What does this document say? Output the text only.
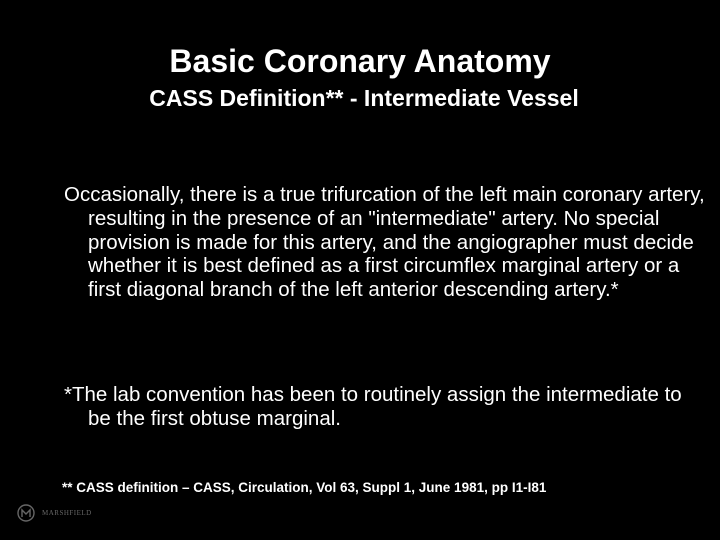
Basic Coronary Anatomy
CASS Definition** - Intermediate Vessel

Occasionally, there is a true trifurcation of the left main coronary artery, resulting in the presence of an "intermediate" artery. No special provision is made for this artery, and the angiographer must decide whether it is best defined as a first circumflex marginal artery or a first diagonal branch of the left anterior descending artery.*

*The lab convention has been to routinely assign the intermediate to be the first obtuse marginal.

** CASS definition – CASS, Circulation, Vol 63, Suppl 1, June 1981, pp I1-I81

MARSHFIELD
